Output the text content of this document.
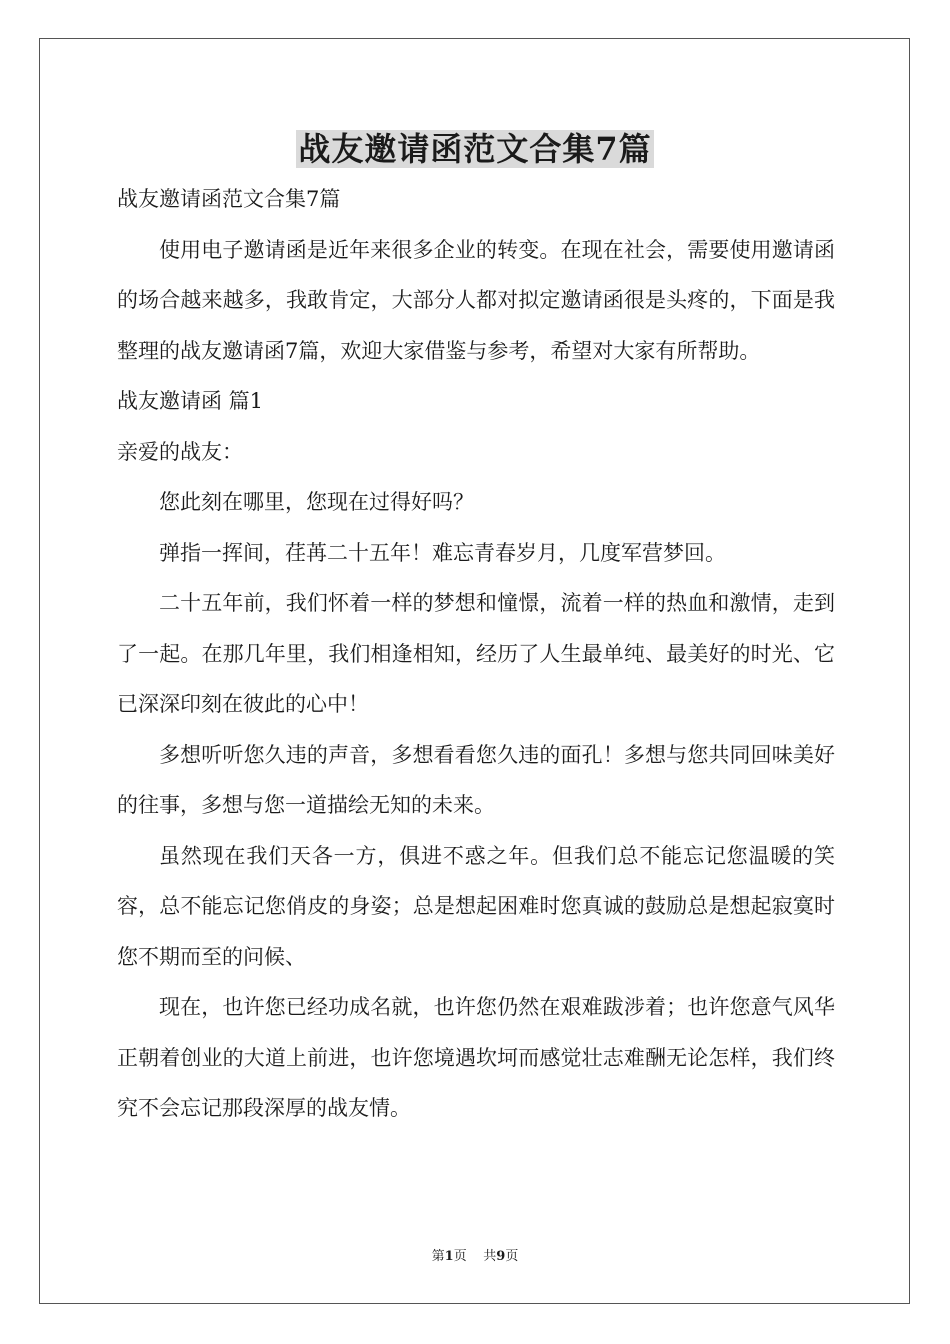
战友邀请函范文合集7篇

战友邀请函范文合集7篇

使用电子邀请函是近年来很多企业的转变。在现在社会，需要使用邀请函的场合越来越多，我敢肯定，大部分人都对拟定邀请函很是头疼的，下面是我整理的战友邀请函7篇，欢迎大家借鉴与参考，希望对大家有所帮助。

战友邀请函 篇1

亲爱的战友：

您此刻在哪里，您现在过得好吗？

弹指一挥间，荏苒二十五年！难忘青春岁月，几度军营梦回。

二十五年前，我们怀着一样的梦想和憧憬，流着一样的热血和激情，走到了一起。在那几年里，我们相逢相知，经历了人生最单纯、最美好的时光、它已深深印刻在彼此的心中！

多想听听您久违的声音，多想看看您久违的面孔！多想与您共同回味美好的往事，多想与您一道描绘无知的未来。

虽然现在我们天各一方，俱进不惑之年。但我们总不能忘记您温暖的笑容，总不能忘记您俏皮的身姿；总是想起困难时您真诚的鼓励总是想起寂寞时您不期而至的问候、

现在，也许您已经功成名就，也许您仍然在艰难跋涉着；也许您意气风华正朝着创业的大道上前进，也许您境遇坎坷而感觉壮志难酬无论怎样，我们终究不会忘记那段深厚的战友情。

第1页 共9页
